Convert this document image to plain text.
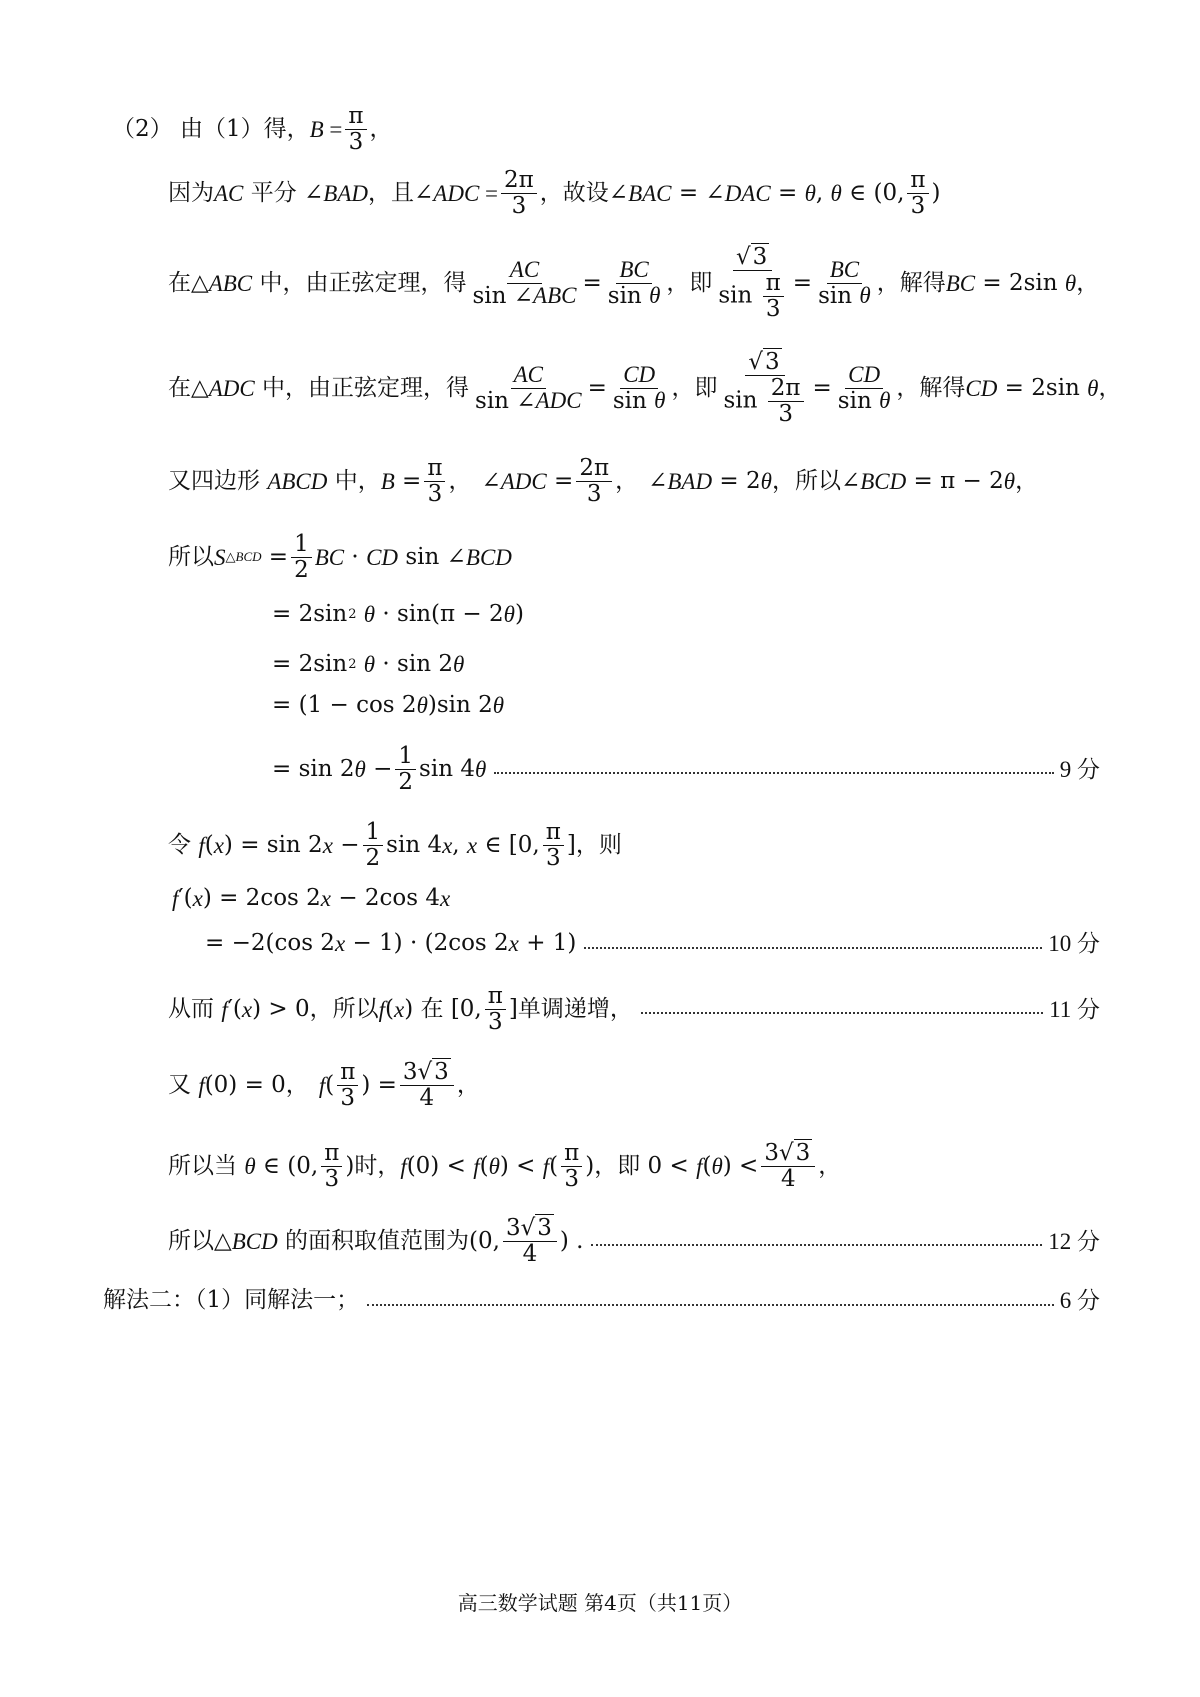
（2） 由（1）得， $B = \frac{\pi}{3}$ ，
因为 AC
平分 ∠ BAD ，且 ∠ ADC = $\frac{2\pi}{3}$ ，故设 ∠ BAC = ∠ DAC = θ , θ ∈ (0, $\frac{\pi}{3}$ )
在△ ABC
中，由正弦定理，得 $\frac{AC}{\text{sin ∠ABC}} = \frac{BC}{\text{sin θ}}$ ，即 $\frac{√3}{\sin \frac{\pi}{3}} = \frac{BC}{\text{sin θ}}$ ，解得 BC = 2sin θ ，
在△ ADC
中，由正弦定理，得 $\frac{AC}{\text{sin ∠ADC}} = \frac{CD}{\text{sin θ}}$ ，即 $\frac{√3}{\sin \frac{2\pi}{3}} = \frac{CD}{\text{sin θ}}$ ，解得 CD = 2sin θ ，
又四边形
ABCD
中， $B = \frac{\pi}{3}$ ， ∠ ADC = $\frac{2\pi}{3}$ ， ∠ BAD = 2 θ ，所以 ∠ BCD = π − 2 θ ，
所以 S △BCD = $\frac{1}{2}$ BC · CD sin ∠ BCD
= 2sin 2
θ · sin(π − 2 θ )
= 2sin 2
θ · sin 2 θ
= (1 − cos 2 θ )sin 2 θ
= sin 2 $\theta - \frac{1}{2}$ sin 4 θ	9 分
令
f ( x ) = sin 2 $x - \frac{1}{2}$ sin 4 x , x ∈ [0, $\frac{\pi}{3}$ ] ，则
f ′( x ) = 2cos 2 x − 2cos 4 x
= −2(cos 2 x − 1) · (2cos 2 x + 1)	10 分
从而
f ′( x ) > 0 ，所以 f ( x ) 在 [0, $\frac{\pi}{3}$ ] 单调递增，	11 分
又
f (0) = 0， f ( $\frac{\pi}{3}$ ) = $\frac{3√3}{4}$ ，
所以当
θ ∈ (0, $\frac{\pi}{3}$ ) 时， f (0) < f ( θ ) < f ( $\frac{\pi}{3}$ ) ，即 0 < f ( θ ) < $\frac{3√3}{4}$ ，
所以△ BCD
的面积取值范围为 (0, $\frac{3√3}{4}$ ) .	12 分
解法二：（1）同解法一；	6 分
高三数学试题 第4页（共11页）
